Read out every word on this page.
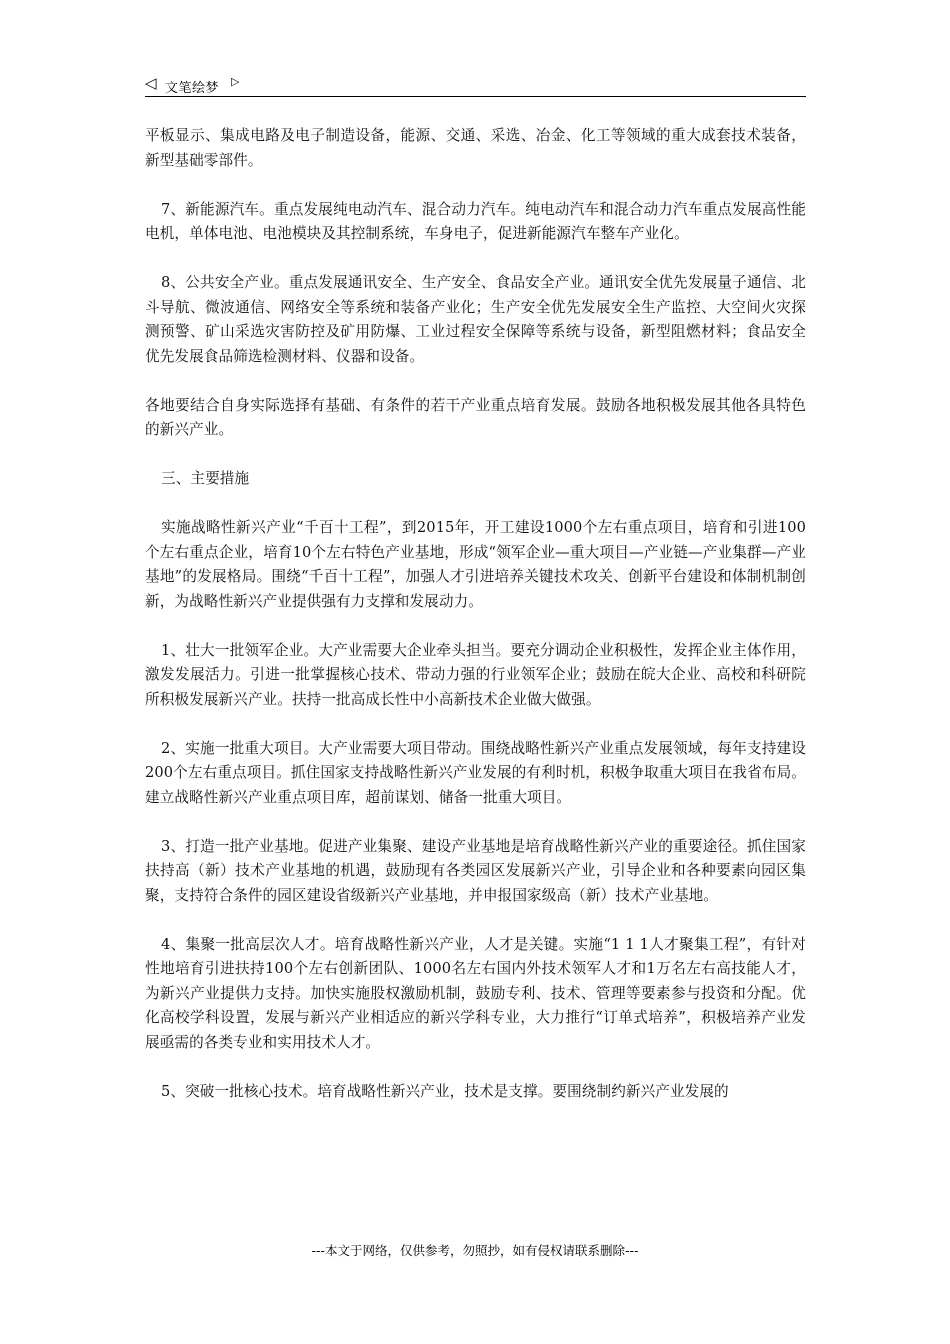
◁ 文笔绘梦 ▷

平板显示、集成电路及电子制造设备，能源、交通、采选、冶金、化工等领域的重大成套技术装备，新型基础零部件。

7、新能源汽车。重点发展纯电动汽车、混合动力汽车。纯电动汽车和混合动力汽车重点发展高性能电机，单体电池、电池模块及其控制系统，车身电子，促进新能源汽车整车产业化。

8、公共安全产业。重点发展通讯安全、生产安全、食品安全产业。通讯安全优先发展量子通信、北斗导航、微波通信、网络安全等系统和装备产业化；生产安全优先发展安全生产监控、大空间火灾探测预警、矿山采选灾害防控及矿用防爆、工业过程安全保障等系统与设备，新型阻燃材料；食品安全优先发展食品筛选检测材料、仪器和设备。

各地要结合自身实际选择有基础、有条件的若干产业重点培育发展。鼓励各地积极发展其他各具特色的新兴产业。

三、主要措施

实施战略性新兴产业“千百十工程”，到2015年，开工建设1000个左右重点项目，培育和引进100个左右重点企业，培育10个左右特色产业基地，形成“领军企业—重大项目—产业链—产业集群—产业基地”的发展格局。围绕“千百十工程”，加强人才引进培养关键技术攻关、创新平台建设和体制机制创新，为战略性新兴产业提供强有力支撑和发展动力。

1、壮大一批领军企业。大产业需要大企业牵头担当。要充分调动企业积极性，发挥企业主体作用，激发发展活力。引进一批掌握核心技术、带动力强的行业领军企业；鼓励在皖大企业、高校和科研院所积极发展新兴产业。扶持一批高成长性中小高新技术企业做大做强。

2、实施一批重大项目。大产业需要大项目带动。围绕战略性新兴产业重点发展领域，每年支持建设200个左右重点项目。抓住国家支持战略性新兴产业发展的有利时机，积极争取重大项目在我省布局。建立战略性新兴产业重点项目库，超前谋划、储备一批重大项目。

3、打造一批产业基地。促进产业集聚、建设产业基地是培育战略性新兴产业的重要途径。抓住国家扶持高（新）技术产业基地的机遇，鼓励现有各类园区发展新兴产业，引导企业和各种要素向园区集聚，支持符合条件的园区建设省级新兴产业基地，并申报国家级高（新）技术产业基地。

4、集聚一批高层次人才。培育战略性新兴产业，人才是关键。实施“1 1 1人才聚集工程”，有针对性地培育引进扶持100个左右创新团队、1000名左右国内外技术领军人才和1万名左右高技能人才，为新兴产业提供力支持。加快实施股权激励机制，鼓励专利、技术、管理等要素参与投资和分配。优化高校学科设置，发展与新兴产业相适应的新兴学科专业，大力推行“订单式培养”，积极培养产业发展亟需的各类专业和实用技术人才。

5、突破一批核心技术。培育战略性新兴产业，技术是支撑。要围绕制约新兴产业发展的

---本文于网络，仅供参考，勿照抄，如有侵权请联系删除---
